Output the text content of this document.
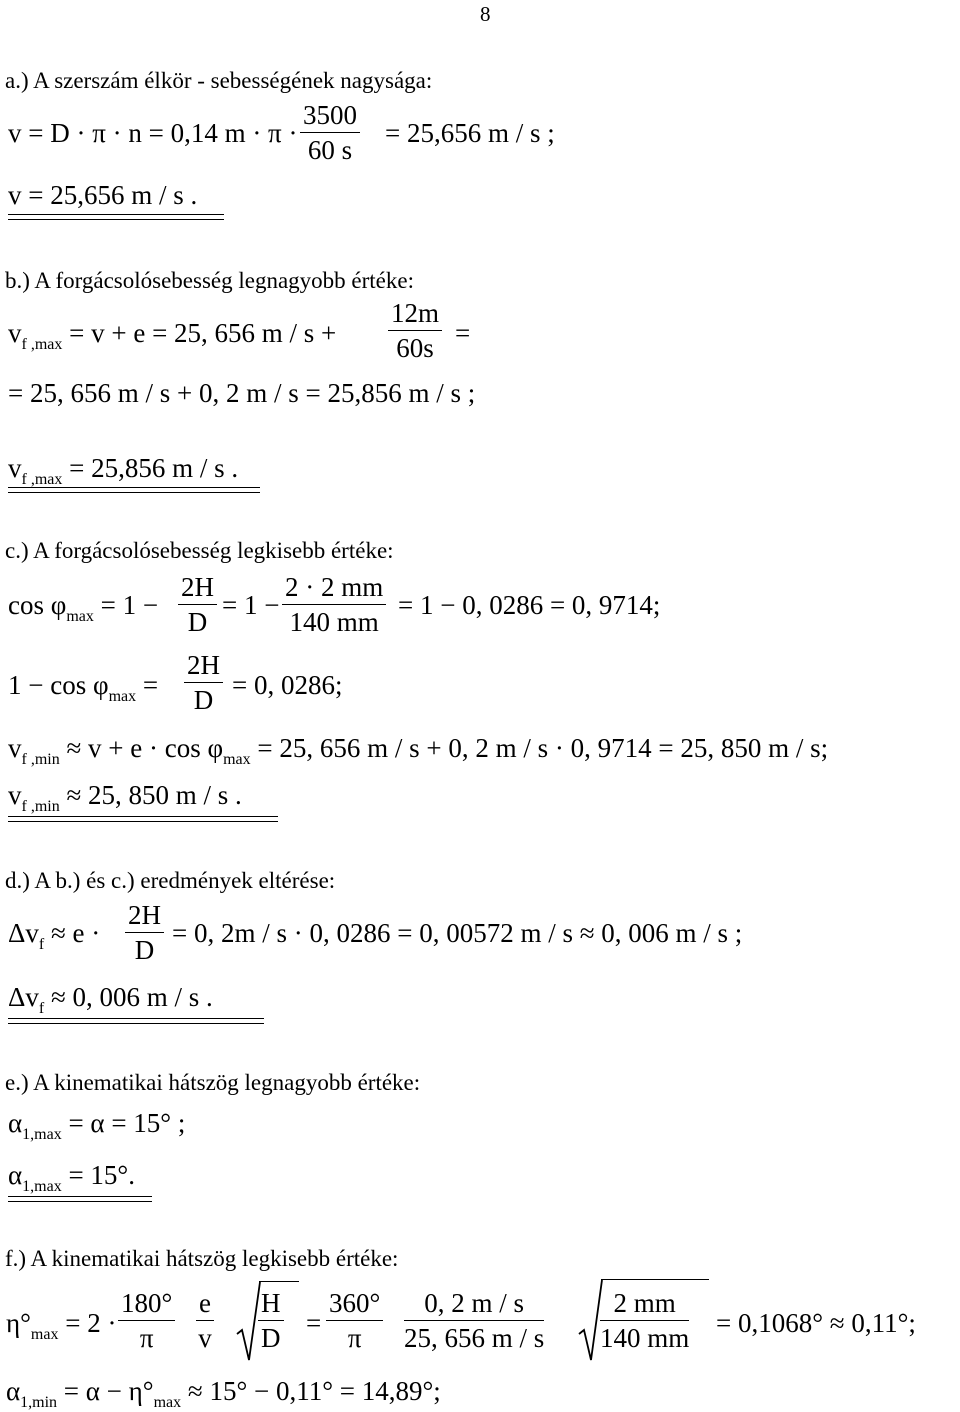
8
a.) A szerszám élkör - sebességének nagysága:
v = D · π · n = 0,14 $m \cdot \pi \cdot \frac{3500}{60 s} = 25,656$ m / s ;
v = 25,656 m / s .
b.) A forgácsolósebesség legnagyobb értéke:
$v_{f ,max} = v + e = 25$, 656 $m / s + \frac{12m}{60s}$ =
= 25, 656 m / s + 0, 2 m / s = 25,856 m / s ;
$v_{f ,max} = 25,856$ m / s .
c.) A forgácsolósebesség legkisebb értéke:
$\cos \varphi_{max} = 1 - \frac{2H}{D} = 1 - \frac{2 \cdot 2 mm}{140 mm} = 1 - 0$, 0286 = 0, 9714;
$1 - \cos \varphi_{max} = \frac{2H}{D} = 0$, 0286;
$v_{f ,min} \approx v + e \cdot \cos \varphi_{max} = 25$, 656 m / s + 0, 2 m / s · 0, 9714 = 25, 850 m / s;
$v_{f ,min} \approx 25$, 850 m / s .
d.) A b.) és c.) eredmények eltérése:
$\Delta v_f \approx e \cdot \frac{2H}{D} = 0$, 2m / s · 0, 0286 = 0, 00572 m / s ≈ 0, 006 m / s ;
$\Delta v_f \approx 0$, 006 m / s .
e.) A kinematikai hátszög legnagyobb értéke:
$\alpha_{1,max} = \alpha = 15^\circ$ ;
$\alpha_{1,max} = 15^\circ$.
f.) A kinematikai hátszög legkisebb értéke:
$\eta^\circ_{max} = 2 \cdot \frac{180^\circ}{\pi} \frac{e}{v} \frac{H}{D} = \frac{360^\circ}{\pi} \frac{0, 2 m / s}{25, 656 m / s} \frac{2 mm}{140 mm} = 0,1068^\circ \approx 0,11^\circ$;
$\alpha_{1,min} = \alpha - \eta^\circ_{max} \approx 15^\circ - 0,11^\circ = 14,89^\circ$;
